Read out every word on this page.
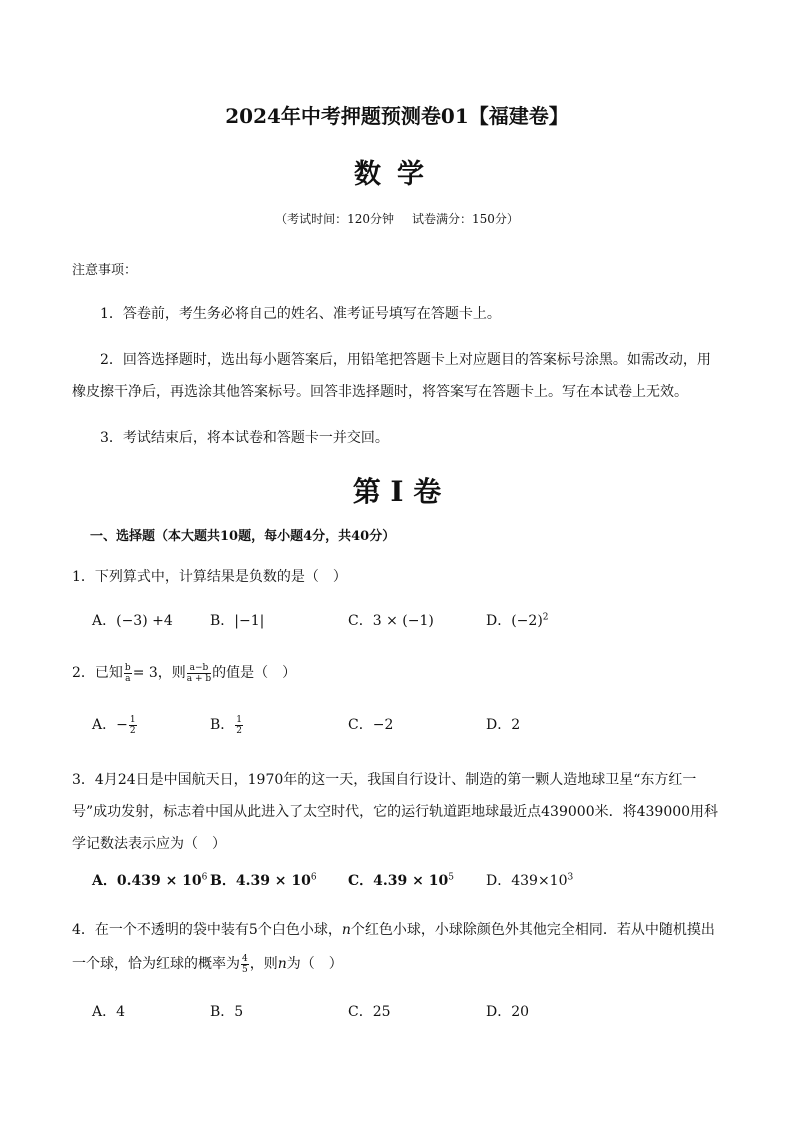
2024年中考押题预测卷01【福建卷】
数学
（考试时间：120分钟 试卷满分：150分）
注意事项：
1．答卷前，考生务必将自己的姓名、准考证号填写在答题卡上。
2．回答选择题时，选出每小题答案后，用铅笔把答题卡上对应题目的答案标号涂黑。如需改动，用橡皮擦干净后，再选涂其他答案标号。回答非选择题时，将答案写在答题卡上。写在本试卷上无效。
3．考试结束后，将本试卷和答题卡一并交回。
第 I 卷
一、选择题（本大题共10题，每小题4分，共40分）
1．下列算式中，计算结果是负数的是（　）
A．(−3) +4	B．|−1|	C．3 × (−1)	D．$(-2)^2$
2．已知 $\frac{b}{a} = 3$，则 $\frac{a-b}{a + b}$ 的值是（　）
A．− $\frac{1}{2}$	B． $\frac{1}{2}$	C．−2	D．2
3．4月24日是中国航天日，1970年的这一天，我国自行设计、制造的第一颗人造地球卫星“东方红一号”成功发射，标志着中国从此进入了太空时代，它的运行轨道距地球最近点439000米．将439000用科学记数法表示应为（　）
A．$0.439 \times 10^6$ B．$4.39 \times 10^6$ C．$4.39 \times 10^5$ D．$439\times 10^3$
4．在一个不透明的袋中装有5个白色小球，n个红色小球，小球除颜色外其他完全相同．若从中随机摸出一个球，恰为红球的概率为 $\frac{4}{5}$ ，则n为（　）
A．4	B．5	C．25	D．20
